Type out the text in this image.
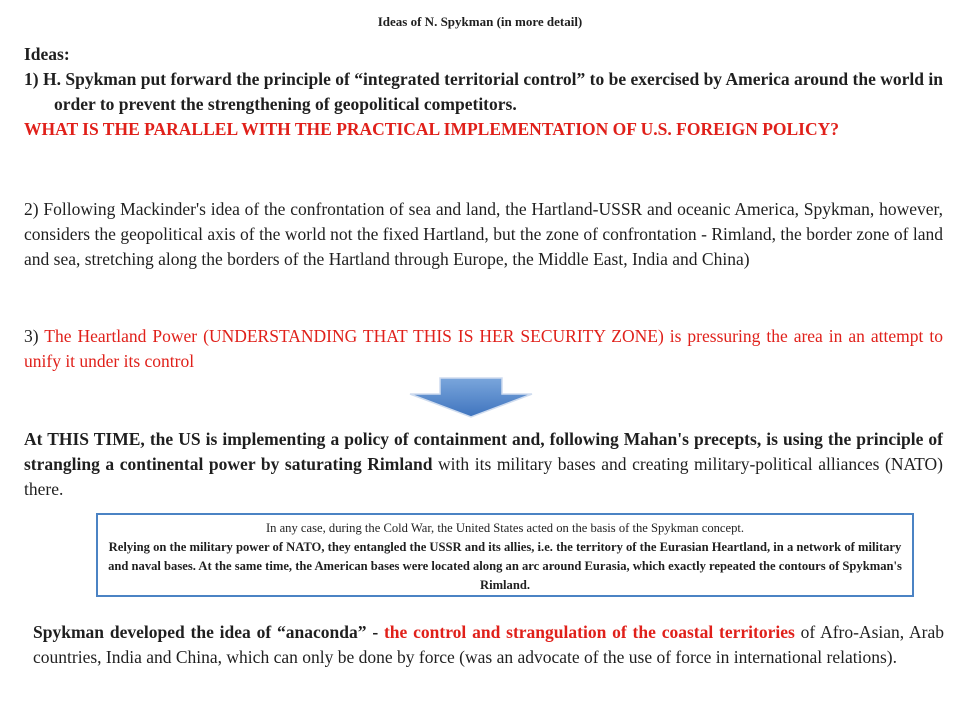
Ideas of N. Spykman (in more detail)
Ideas:
1) H. Spykman put forward the principle of “integrated territorial control” to be exercised by America around the world in order to prevent the strengthening of geopolitical competitors.
WHAT IS THE PARALLEL WITH THE PRACTICAL IMPLEMENTATION OF U.S. FOREIGN POLICY?
2) Following Mackinder's idea of the confrontation of sea and land, the Hartland-USSR and oceanic America, Spykman, however, considers the geopolitical axis of the world not the fixed Hartland, but the zone of confrontation - Rimland, the border zone of land and sea, stretching along the borders of the Hartland through Europe, the Middle East, India and China)
3) The Heartland Power (UNDERSTANDING THAT THIS IS HER SECURITY ZONE) is pressuring the area in an attempt to unify it under its control
At THIS TIME, the US is implementing a policy of containment and, following Mahan's precepts, is using the principle of strangling a continental power by saturating Rimland with its military bases and creating military-political alliances (NATO) there.
In any case, during the Cold War, the United States acted on the basis of the Spykman concept.
Relying on the military power of NATO, they entangled the USSR and its allies, i.e. the territory of the Eurasian Heartland, in a network of military and naval bases. At the same time, the American bases were located along an arc around Eurasia, which exactly repeated the contours of Spykman's Rimland.
Spykman developed the idea of “anaconda” - the control and strangulation of the coastal territories of Afro-Asian, Arab countries, India and China, which can only be done by force (was an advocate of the use of force in international relations).
